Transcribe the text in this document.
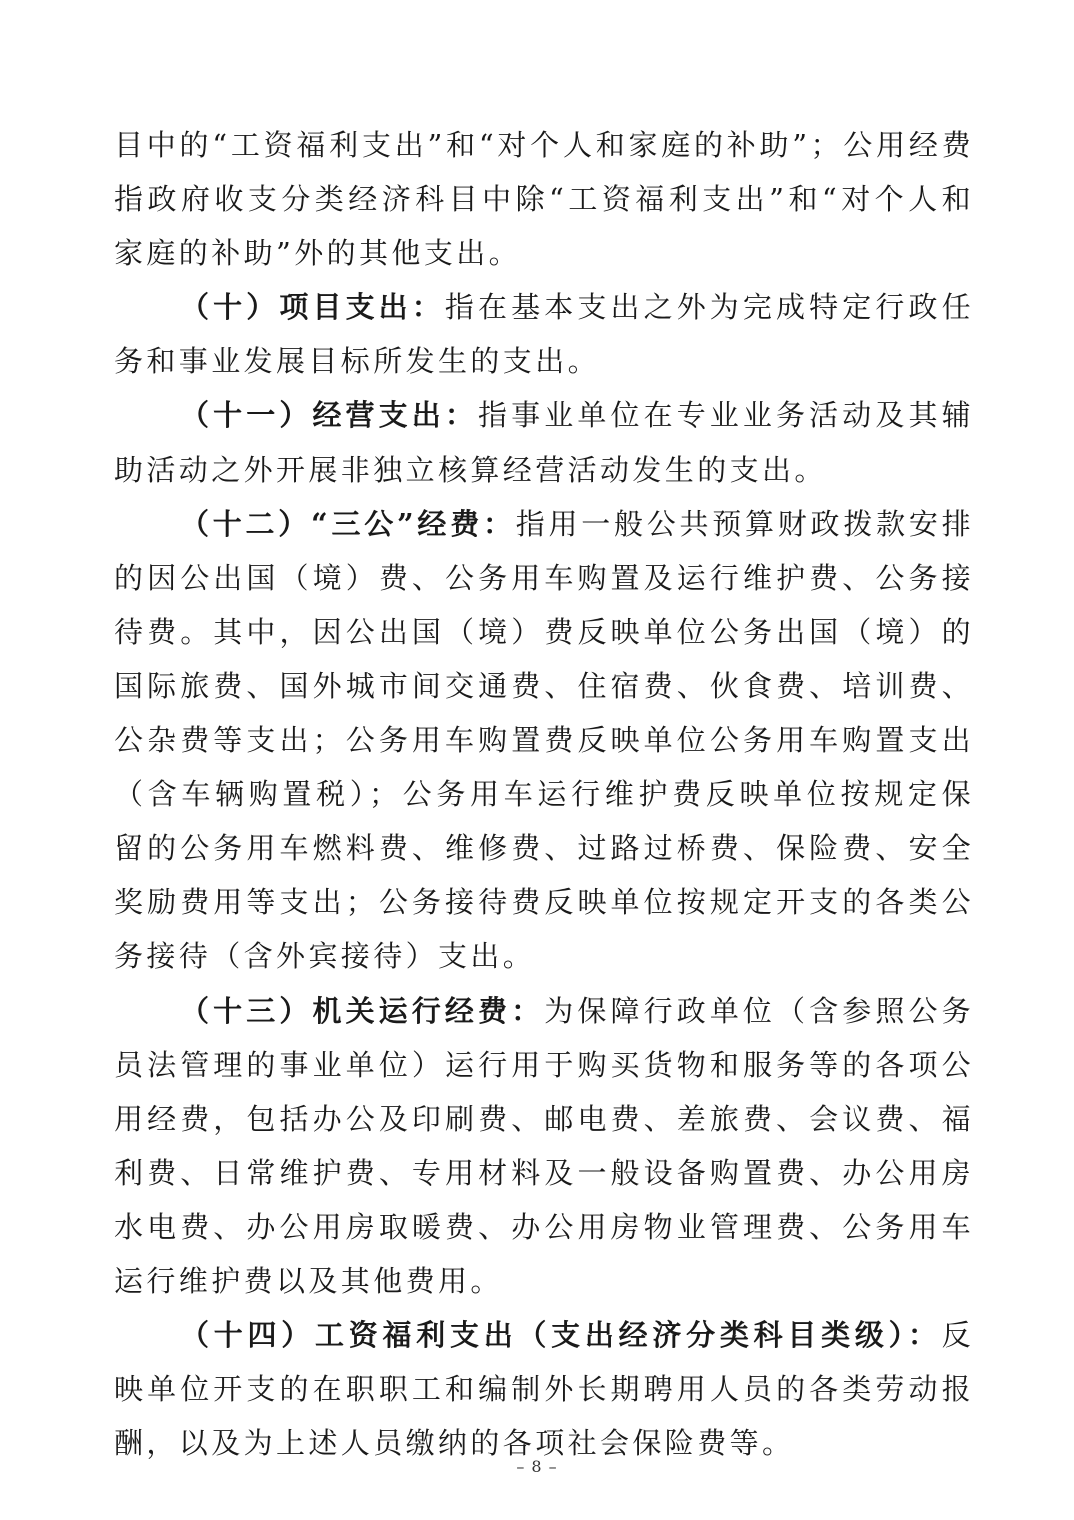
目中的“工资福利支出”和“对个人和家庭的补助”；公用经费指政府收支分类经济科目中除“工资福利支出”和“对个人和家庭的补助”外的其他支出。

（十）项目支出：指在基本支出之外为完成特定行政任务和事业发展目标所发生的支出。

（十一）经营支出：指事业单位在专业业务活动及其辅助活动之外开展非独立核算经营活动发生的支出。

（十二）“三公”经费：指用一般公共预算财政拨款安排的因公出国（境）费、公务用车购置及运行维护费、公务接待费。其中，因公出国（境）费反映单位公务出国（境）的国际旅费、国外城市间交通费、住宿费、伙食费、培训费、公杂费等支出；公务用车购置费反映单位公务用车购置支出（含车辆购置税）；公务用车运行维护费反映单位按规定保留的公务用车燃料费、维修费、过路过桥费、保险费、安全奖励费用等支出；公务接待费反映单位按规定开支的各类公务接待（含外宾接待）支出。

（十三）机关运行经费：为保障行政单位（含参照公务员法管理的事业单位）运行用于购买货物和服务等的各项公用经费，包括办公及印刷费、邮电费、差旅费、会议费、福利费、日常维护费、专用材料及一般设备购置费、办公用房水电费、办公用房取暖费、办公用房物业管理费、公务用车运行维护费以及其他费用。

（十四）工资福利支出（支出经济分类科目类级）：反映单位开支的在职职工和编制外长期聘用人员的各类劳动报酬，以及为上述人员缴纳的各项社会保险费等。

– 8 –
